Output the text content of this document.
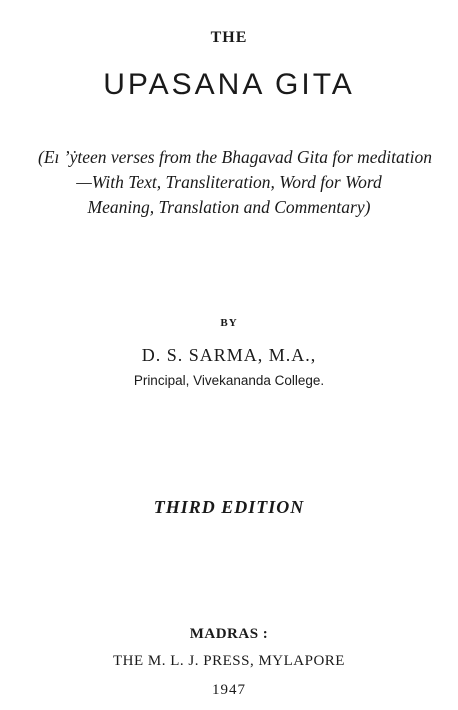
THE
UPASANA GITA
(Eı ʼẏteen verses from the Bhagavad Gita for meditation
—With Text, Transliteration, Word for Word
Meaning, Translation and Commentary)
BY
D. S. SARMA, M.A.,
Principal, Vivekananda College.
THIRD EDITION
MADRAS :
THE M. L. J. PRESS, MYLAPORE
1947
